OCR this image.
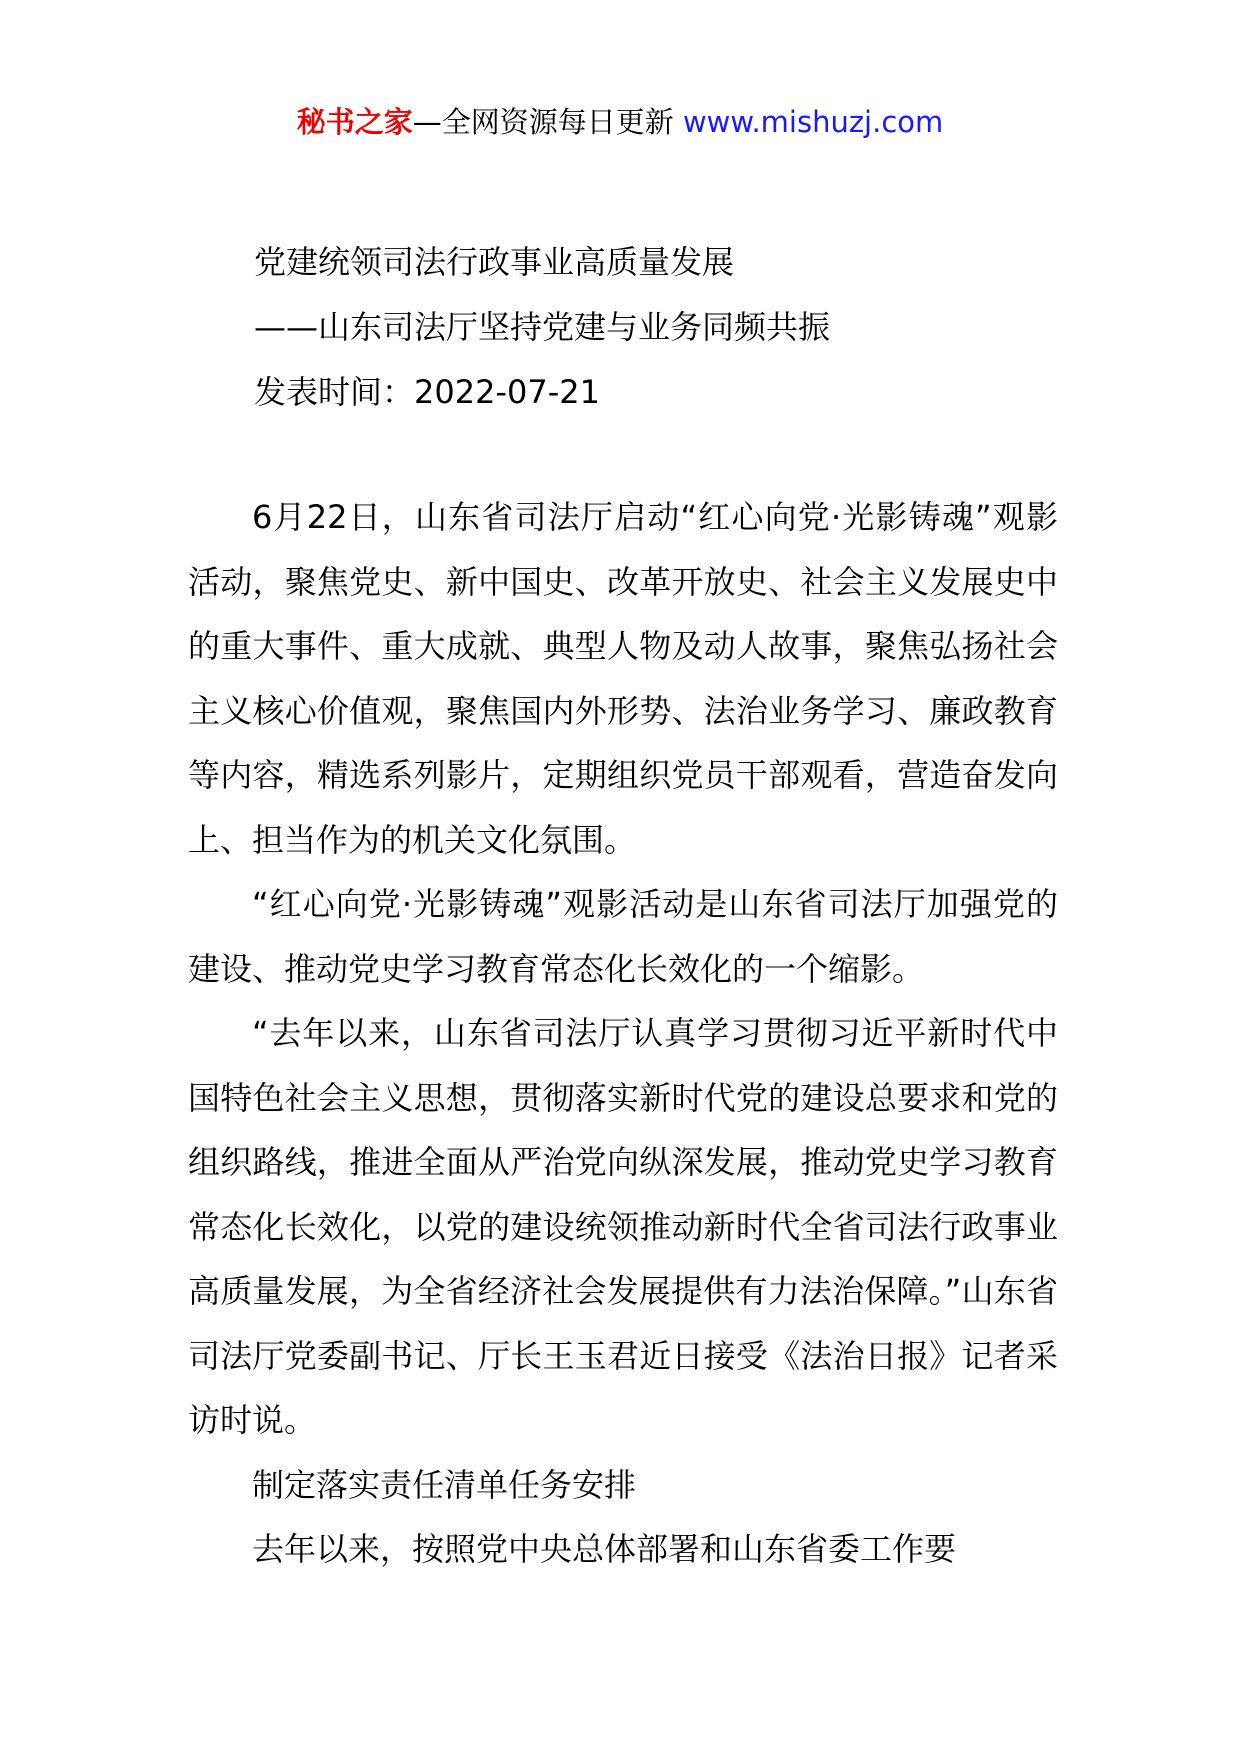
秘书之家—全网资源每日更新 www.mishuzj.com
党建统领司法行政事业高质量发展
——山东司法厅坚持党建与业务同频共振
发表时间：2022-07-21

6月22日，山东省司法厅启动“红心向党·光影铸魂”观影活动，聚焦党史、新中国史、改革开放史、社会主义发展史中的重大事件、重大成就、典型人物及动人故事，聚焦弘扬社会主义核心价值观，聚焦国内外形势、法治业务学习、廉政教育等内容，精选系列影片，定期组织党员干部观看，营造奋发向上、担当作为的机关文化氛围。

“红心向党·光影铸魂”观影活动是山东省司法厅加强党的建设、推动党史学习教育常态化长效化的一个缩影。

“去年以来，山东省司法厅认真学习贯彻习近平新时代中国特色社会主义思想，贯彻落实新时代党的建设总要求和党的组织路线，推进全面从严治党向纵深发展，推动党史学习教育常态化长效化，以党的建设统领推动新时代全省司法行政事业高质量发展，为全省经济社会发展提供有力法治保障。”山东省司法厅党委副书记、厅长王玉君近日接受《法治日报》记者采访时说。

制定落实责任清单任务安排

去年以来，按照党中央总体部署和山东省委工作要
